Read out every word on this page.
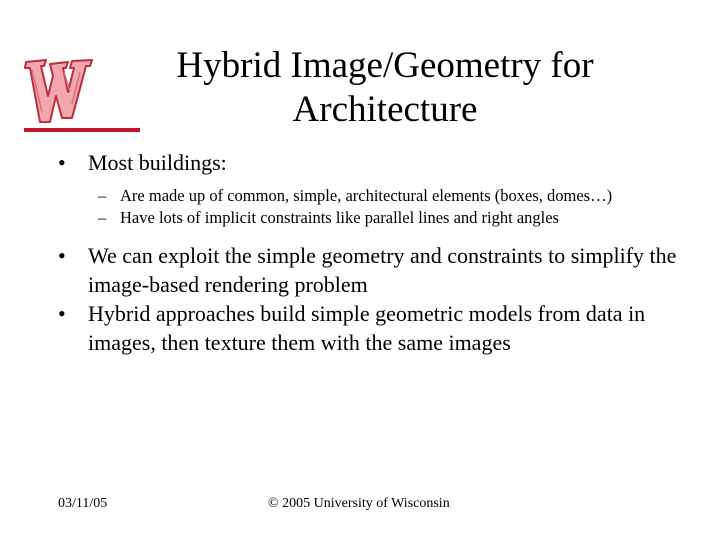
Hybrid Image/Geometry for
Architecture
• Most buildings:
– Are made up of common, simple, architectural elements (boxes, domes…)
– Have lots of implicit constraints like parallel lines and right angles
• We can exploit the simple geometry and constraints to simplify the image-based rendering problem
• Hybrid approaches build simple geometric models from data in images, then texture them with the same images
03/11/05	© 2005 University of Wisconsin
